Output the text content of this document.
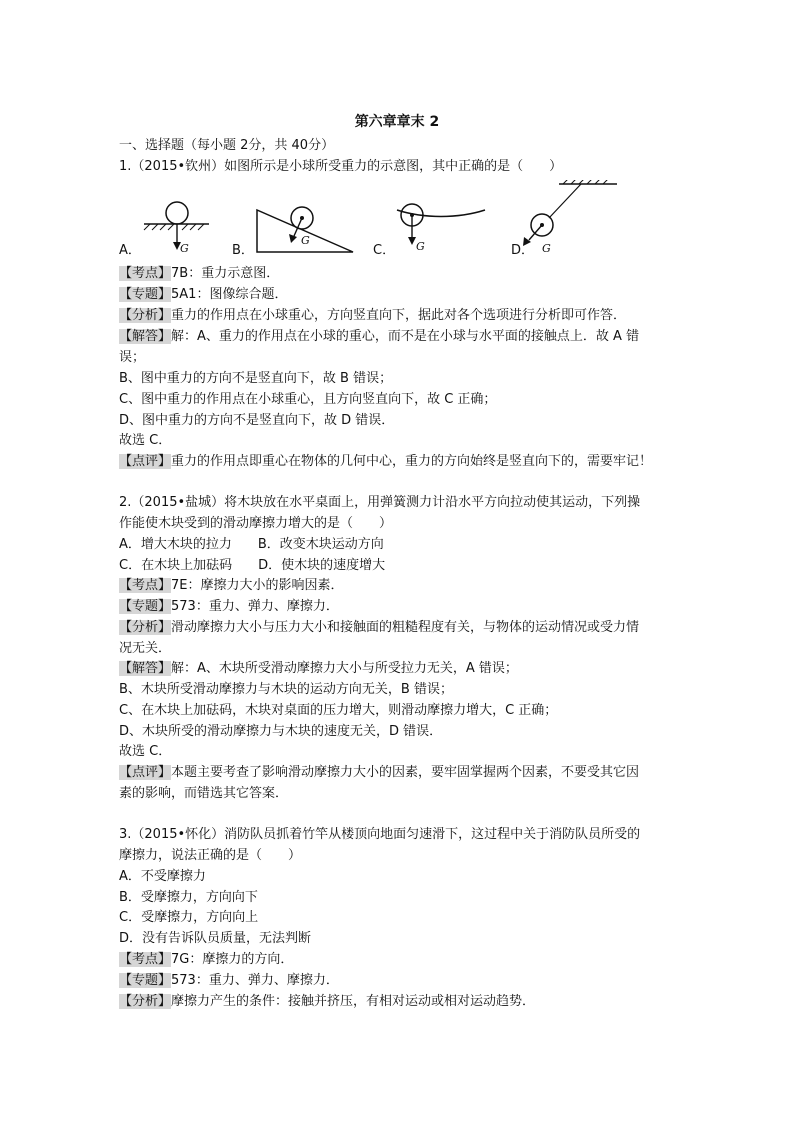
第六章章末 2
一、选择题（每小题 2分，共 40分）
1.（2015•钦州）如图所示是小球所受重力的示意图，其中正确的是（　　）
G
G	G	G
A．	B．	C．	D．
【考点】7B：重力示意图．
【专题】5A1：图像综合题．
【分析】重力的作用点在小球重心，方向竖直向下，据此对各个选项进行分析即可作答．
【解答】解：A、重力的作用点在小球的重心，而不是在小球与水平面的接触点上．故 A 错
误；
B、图中重力的方向不是竖直向下，故 B 错误；
C、图中重力的作用点在小球重心，且方向竖直向下，故 C 正确；
D、图中重力的方向不是竖直向下，故 D 错误．
故选 C．
【点评】重力的作用点即重心在物体的几何中心，重力的方向始终是竖直向下的，需要牢记！
2.（2015•盐城）将木块放在水平桌面上，用弹簧测力计沿水平方向拉动使其运动，下列操
作能使木块受到的滑动摩擦力增大的是（　　）
A．增大木块的拉力　　B．改变木块运动方向
C．在木块上加砝码　　D．使木块的速度增大
【考点】7E：摩擦力大小的影响因素．
【专题】573：重力、弹力、摩擦力．
【分析】滑动摩擦力大小与压力大小和接触面的粗糙程度有关，与物体的运动情况或受力情
况无关．
【解答】解：A、木块所受滑动摩擦力大小与所受拉力无关，A 错误；
B、木块所受滑动摩擦力与木块的运动方向无关，B 错误；
C、在木块上加砝码，木块对桌面的压力增大，则滑动摩擦力增大，C 正确；
D、木块所受的滑动摩擦力与木块的速度无关，D 错误．
故选 C．
【点评】本题主要考查了影响滑动摩擦力大小的因素，要牢固掌握两个因素，不要受其它因
素的影响，而错选其它答案．
3.（2015•怀化）消防队员抓着竹竿从楼顶向地面匀速滑下，这过程中关于消防队员所受的
摩擦力，说法正确的是（　　）
A．不受摩擦力
B．受摩擦力，方向向下
C．受摩擦力，方向向上
D．没有告诉队员质量，无法判断
【考点】7G：摩擦力的方向．
【专题】573：重力、弹力、摩擦力．
【分析】摩擦力产生的条件：接触并挤压，有相对运动或相对运动趋势．
